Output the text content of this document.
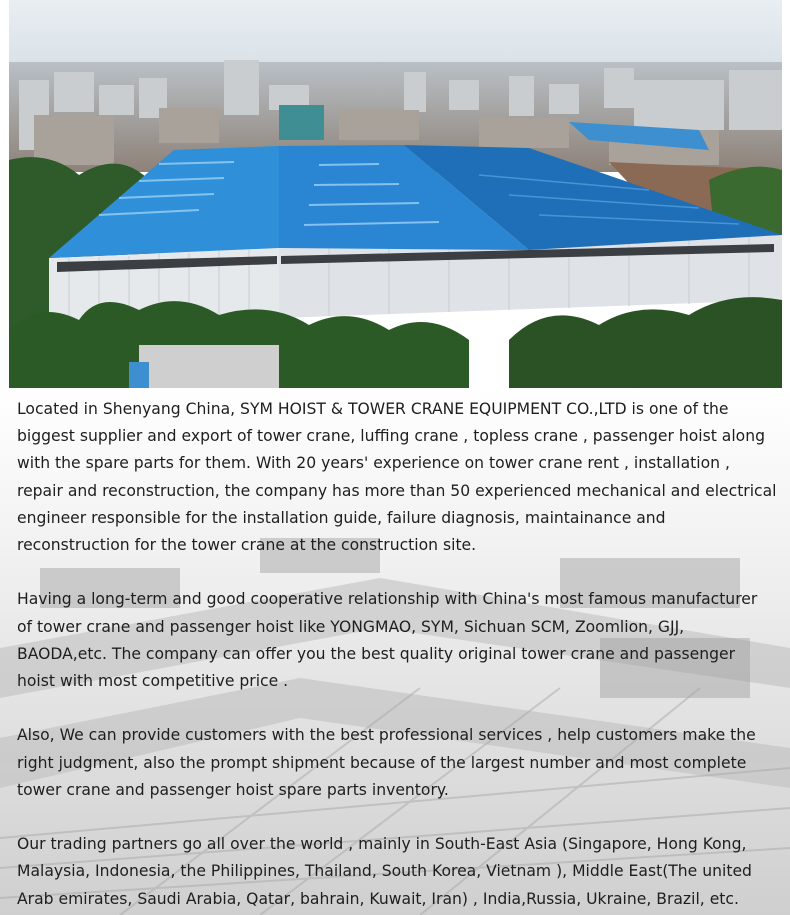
Located in Shenyang China, SYM HOIST & TOWER CRANE EQUIPMENT CO.,LTD is one of the biggest supplier and export of tower crane, luffing crane , topless crane , passenger hoist along with the spare parts for them. With 20 years' experience on tower crane rent , installation , repair and reconstruction, the company has more than 50 experienced mechanical and electrical engineer responsible for the installation guide, failure diagnosis, maintainance and reconstruction for the tower crane at the construction site.

Having a long-term and good cooperative relationship with China's most famous manufacturer of tower crane and passenger hoist like YONGMAO, SYM, Sichuan SCM, Zoomlion, GJJ, BAODA,etc. The company can offer you the best quality original tower crane and passenger hoist with most competitive price .

Also, We can provide customers with the best professional services , help customers make the right judgment, also the prompt shipment because of the largest number and most complete tower crane and passenger hoist spare parts inventory.

Our trading partners go all over the world , mainly in South-East Asia (Singapore, Hong Kong, Malaysia, Indonesia, the Philippines, Thailand, South Korea, Vietnam ), Middle East(The united Arab emirates, Saudi Arabia, Qatar, bahrain, Kuwait, Iran) , India,Russia, Ukraine, Brazil, etc.
